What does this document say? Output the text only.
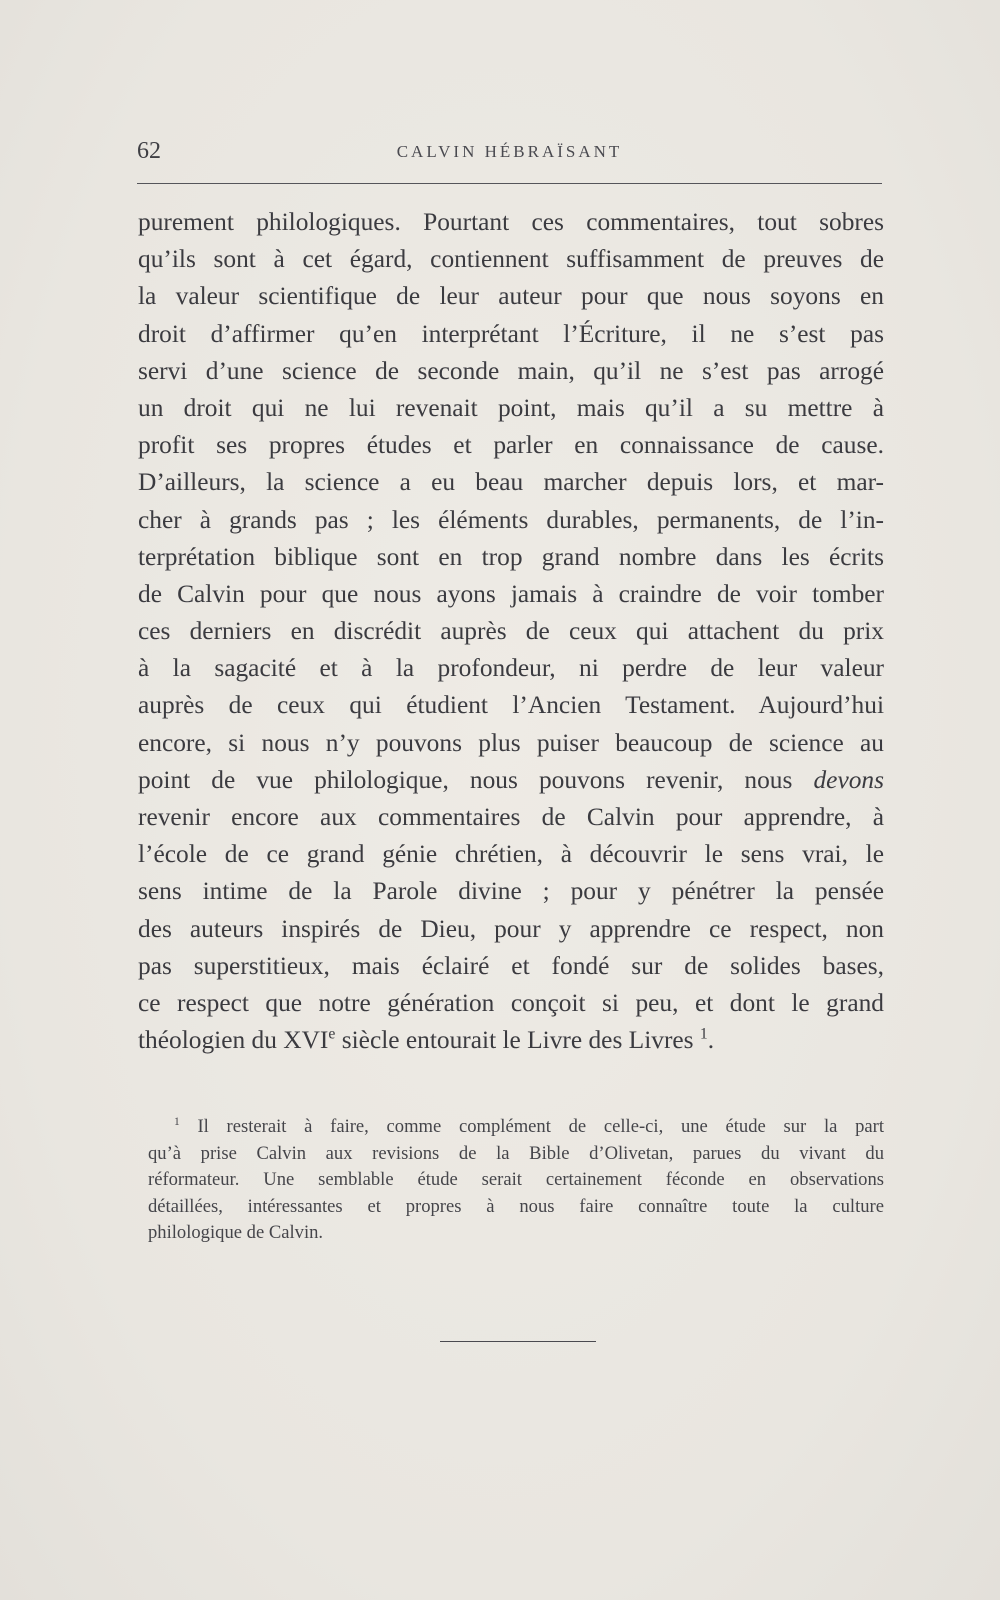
62	CALVIN HÉBRAÏSANT
purement philologiques. Pourtant ces commentaires, tout sobres
qu’ils sont à cet égard, contiennent suffisamment de preuves de
la valeur scientifique de leur auteur pour que nous soyons en
droit d’affirmer qu’en interprétant l’Écriture, il ne s’est pas
servi d’une science de seconde main, qu’il ne s’est pas arrogé
un droit qui ne lui revenait point, mais qu’il a su mettre à
profit ses propres études et parler en connaissance de cause.
D’ailleurs, la science a eu beau marcher depuis lors, et mar-
cher à grands pas ; les éléments durables, permanents, de l’in-
terprétation biblique sont en trop grand nombre dans les écrits
de Calvin pour que nous ayons jamais à craindre de voir tomber
ces derniers en discrédit auprès de ceux qui attachent du prix
à la sagacité et à la profondeur, ni perdre de leur valeur
auprès de ceux qui étudient l’Ancien Testament. Aujourd’hui
encore, si nous n’y pouvons plus puiser beaucoup de science au
point de vue philologique, nous pouvons revenir, nous devons
revenir encore aux commentaires de Calvin pour apprendre, à
l’école de ce grand génie chrétien, à découvrir le sens vrai, le
sens intime de la Parole divine ; pour y pénétrer la pensée
des auteurs inspirés de Dieu, pour y apprendre ce respect, non
pas superstitieux, mais éclairé et fondé sur de solides bases,
ce respect que notre génération conçoit si peu, et dont le grand
théologien du XVIe siècle entourait le Livre des Livres $^1$.
$^1$ Il resterait à faire, comme complément de celle-ci, une étude sur la part
qu’à prise Calvin aux revisions de la Bible d’Olivetan, parues du vivant du
réformateur. Une semblable étude serait certainement féconde en observations
détaillées, intéressantes et propres à nous faire connaître toute la culture
philologique de Calvin.
